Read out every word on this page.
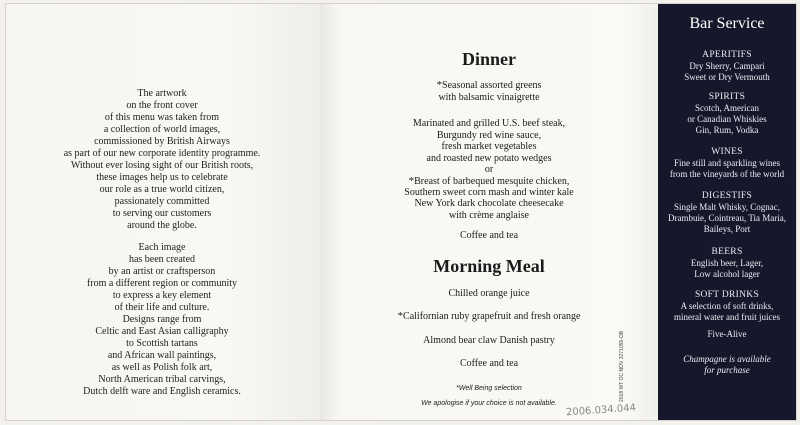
The artwork
on the front cover
of this menu was taken from
a collection of world images,
commissioned by British Airways
as part of our new corporate identity programme.
Without ever losing sight of our British roots,
these images help us to celebrate
our role as a true world citizen,
passionately committed
to serving our customers
around the globe.
Each image
has been created
by an artist or craftsperson
from a different region or community
to express a key element
of their life and culture.
Designs range from
Celtic and East Asian calligraphy
to Scottish tartans
and African wall paintings,
as well as Polish folk art,
North American tribal carvings,
Dutch delft ware and English ceramics.
Dinner
*Seasonal assorted greens
with balsamic vinaigrette
Marinated and grilled U.S. beef steak,
Burgundy red wine sauce,
fresh market vegetables
and roasted new potato wedges
or
*Breast of barbequed mesquite chicken,
Southern sweet corn mash and winter kale
New York dark chocolate cheesecake
with crème anglaise
Coffee and tea
Morning Meal
Chilled orange juice
*Californian ruby grapefruit and fresh orange
Almond bear claw Danish pastry
Coffee and tea
*Well Being selection
We apologise if your choice is not available.
Bar Service
APERITIFS
Dry Sherry, Campari
Sweet or Dry Vermouth
SPIRITS
Scotch, American
or Canadian Whiskies
Gin, Rum, Vodka
WINES
Fine still and sparkling wines
from the vineyards of the world
DIGESTIFS
Single Malt Whisky, Cognac,
Drambuie, Cointreau, Tia Maria,
Baileys, Port
BEERS
English beer, Lager,
Low alcohol lager
SOFT DRINKS
A selection of soft drinks,
mineral water and fruit juices
Five-Alive
Champagne is available
for purchase
2018 WT OC NOV 3271055-OB
2006.034.044
